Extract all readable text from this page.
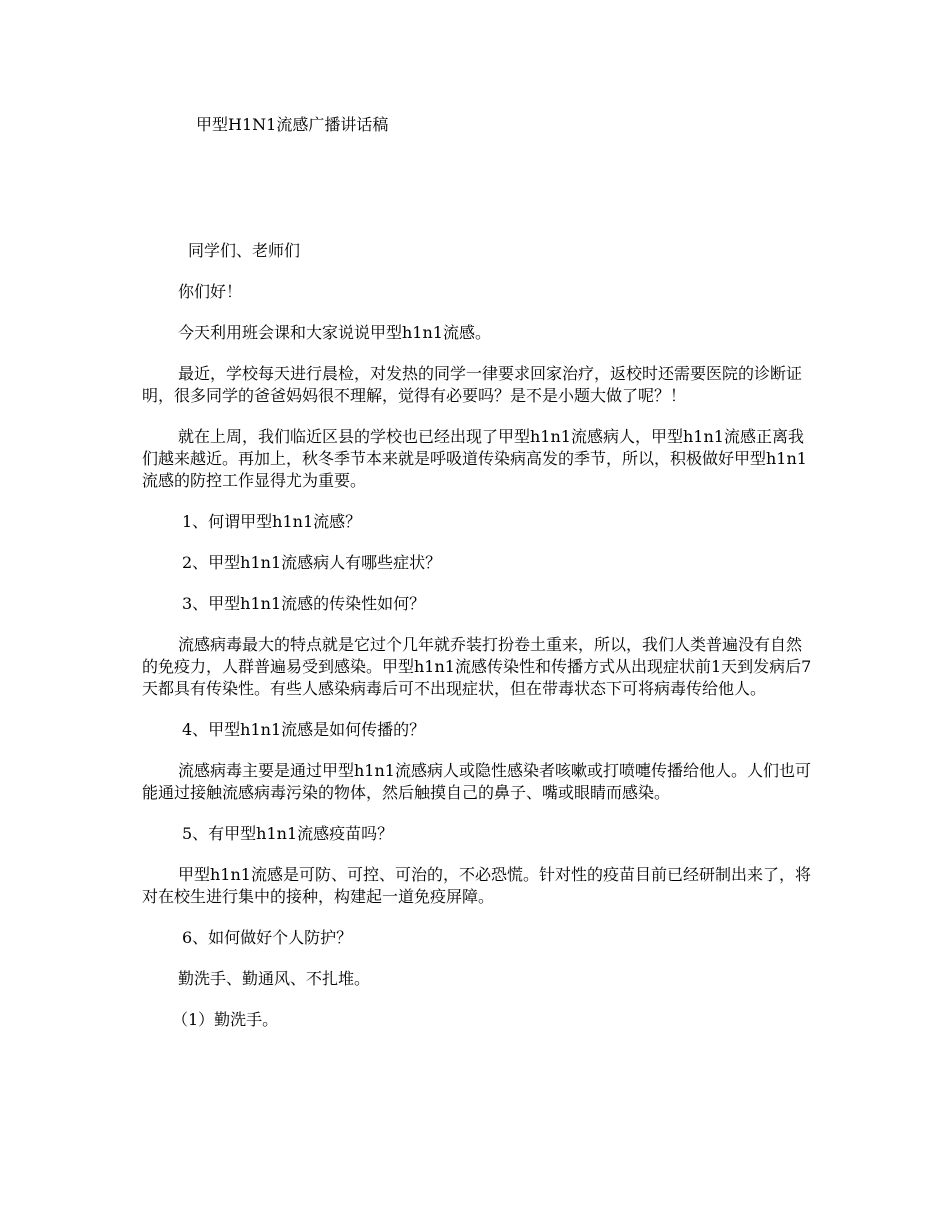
甲型H1N1流感广播讲话稿

同学们、老师们

你们好！

今天利用班会课和大家说说甲型h1n1流感。

最近，学校每天进行晨检，对发热的同学一律要求回家治疗，返校时还需要医院的诊断证明，很多同学的爸爸妈妈很不理解，觉得有必要吗？是不是小题大做了呢？！

就在上周，我们临近区县的学校也已经出现了甲型h1n1流感病人，甲型h1n1流感正离我们越来越近。再加上，秋冬季节本来就是呼吸道传染病高发的季节，所以，积极做好甲型h1n1流感的防控工作显得尤为重要。

1、何谓甲型h1n1流感？

2、甲型h1n1流感病人有哪些症状？

3、甲型h1n1流感的传染性如何？

流感病毒最大的特点就是它过个几年就乔装打扮卷土重来，所以，我们人类普遍没有自然的免疫力，人群普遍易受到感染。甲型h1n1流感传染性和传播方式从出现症状前1天到发病后7天都具有传染性。有些人感染病毒后可不出现症状，但在带毒状态下可将病毒传给他人。

4、甲型h1n1流感是如何传播的？

流感病毒主要是通过甲型h1n1流感病人或隐性感染者咳嗽或打喷嚏传播给他人。人们也可能通过接触流感病毒污染的物体，然后触摸自己的鼻子、嘴或眼睛而感染。

5、有甲型h1n1流感疫苗吗？

甲型h1n1流感是可防、可控、可治的，不必恐慌。针对性的疫苗目前已经研制出来了，将对在校生进行集中的接种，构建起一道免疫屏障。

6、如何做好个人防护？

勤洗手、勤通风、不扎堆。

（1）勤洗手。
